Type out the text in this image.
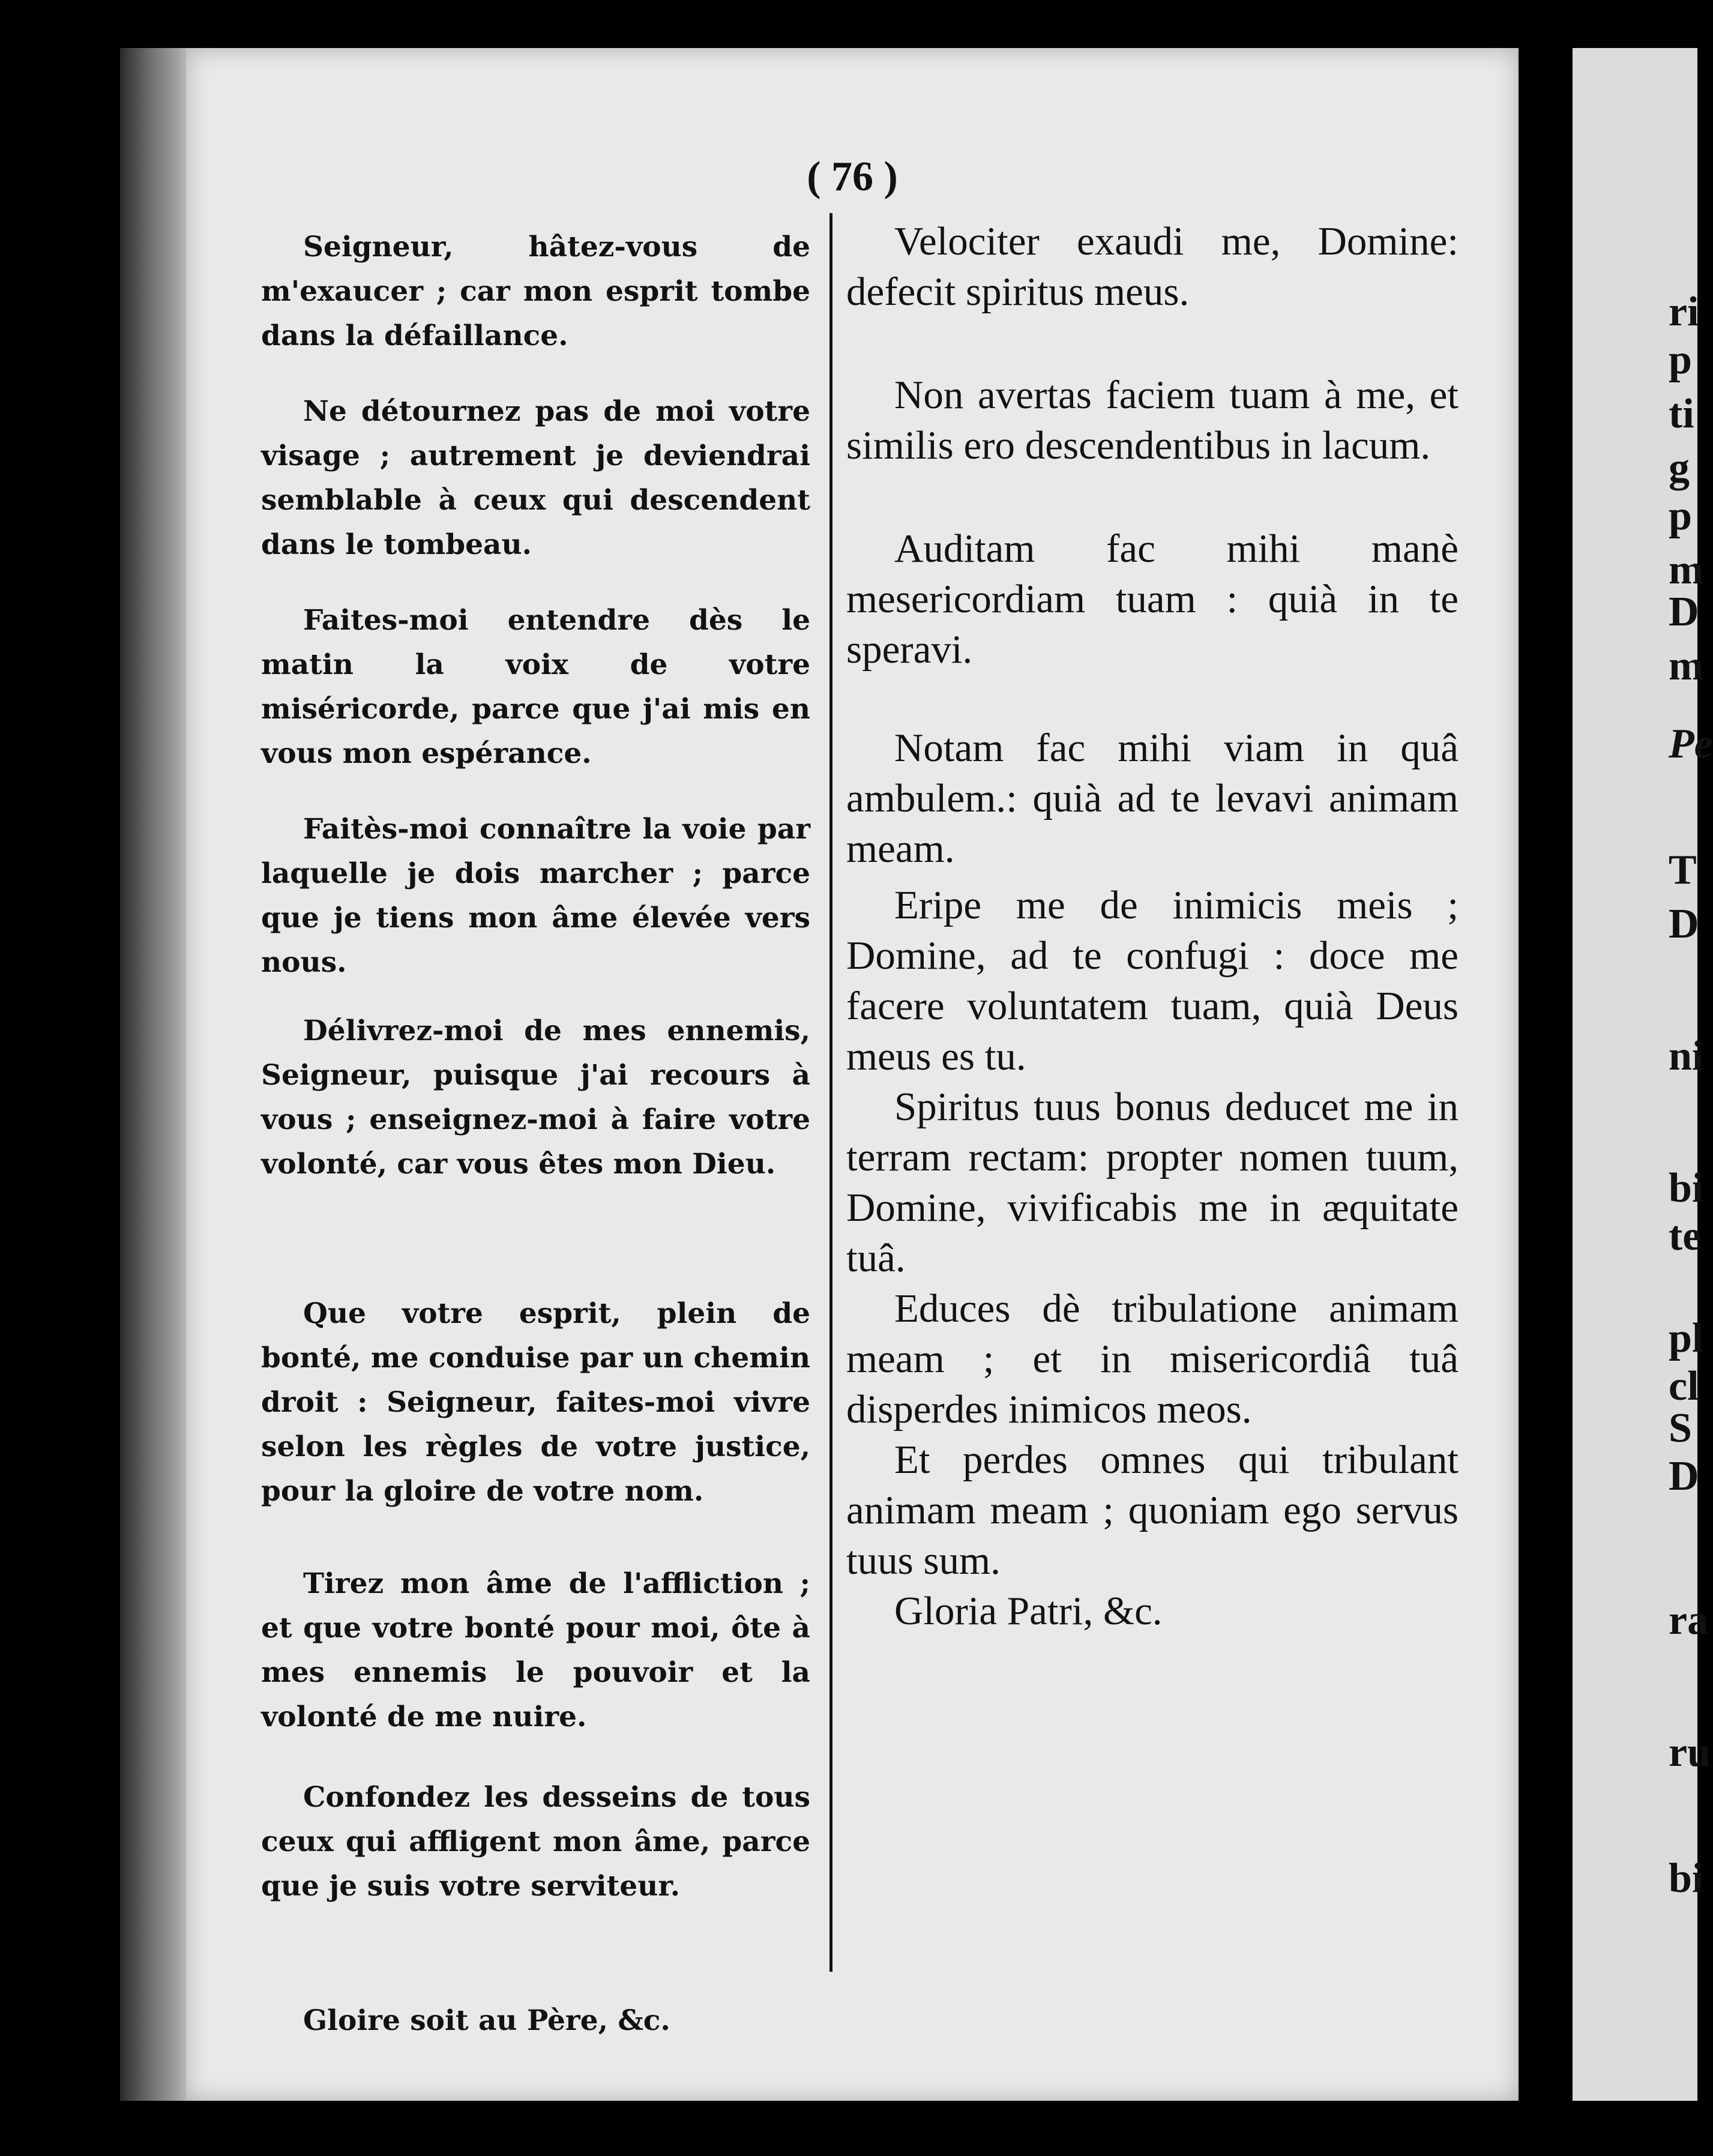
( 76 )

Seigneur, hâtez-vous de m'exaucer ; car mon esprit tombe dans la défaillance.

Ne détournez pas de moi votre visage ; autrement je deviendrai semblable à ceux qui descendent dans le tombeau.

Faites-moi entendre dès le matin la voix de votre miséricorde, parce que j'ai mis en vous mon espérance.

Faitès-moi connaître la voie par laquelle je dois marcher ; parce que je tiens mon âme élevée vers nous.

Délivrez-moi de mes ennemis, Seigneur, puisque j'ai recours à vous ; enseignez-moi à faire votre volonté, car vous êtes mon Dieu.

Que votre esprit, plein de bonté, me conduise par un chemin droit : Seigneur, faites-moi vivre selon les règles de votre justice, pour la gloire de votre nom.

Tirez mon âme de l'affliction ; et que votre bonté pour moi, ôte à mes ennemis le pouvoir et la volonté de me nuire.

Confondez les desseins de tous ceux qui affligent mon âme, parce que je suis votre serviteur.

Gloire soit au Père, &c.

Velociter exaudi me, Domine: defecit spiritus meus.

Non avertas faciem tuam à me, et similis ero descendentibus in lacum.

Auditam fac mihi manè mesericordiam tuam : quià in te speravi.

Notam fac mihi viam in quâ ambulem.: quià ad te levavi animam meam.

Eripe me de inimicis meis ; Domine, ad te confugi : doce me facere voluntatem tuam, quià Deus meus es tu.

Spiritus tuus bonus deducet me in terram rectam: propter nomen tuum, Domine, vivificabis me in æquitate tuâ.

Educes dè tribulatione animam meam ; et in misericordiâ tuâ disperdes inimicos meos.

Et perdes omnes qui tribulant animam meam ; quoniam ego servus tuus sum.

Gloria Patri, &c.

ri
p
ti
g
p
m
D
m
Pe
T
D
ni
bi
te
pl
cl
S
D
ra
ru
bi
